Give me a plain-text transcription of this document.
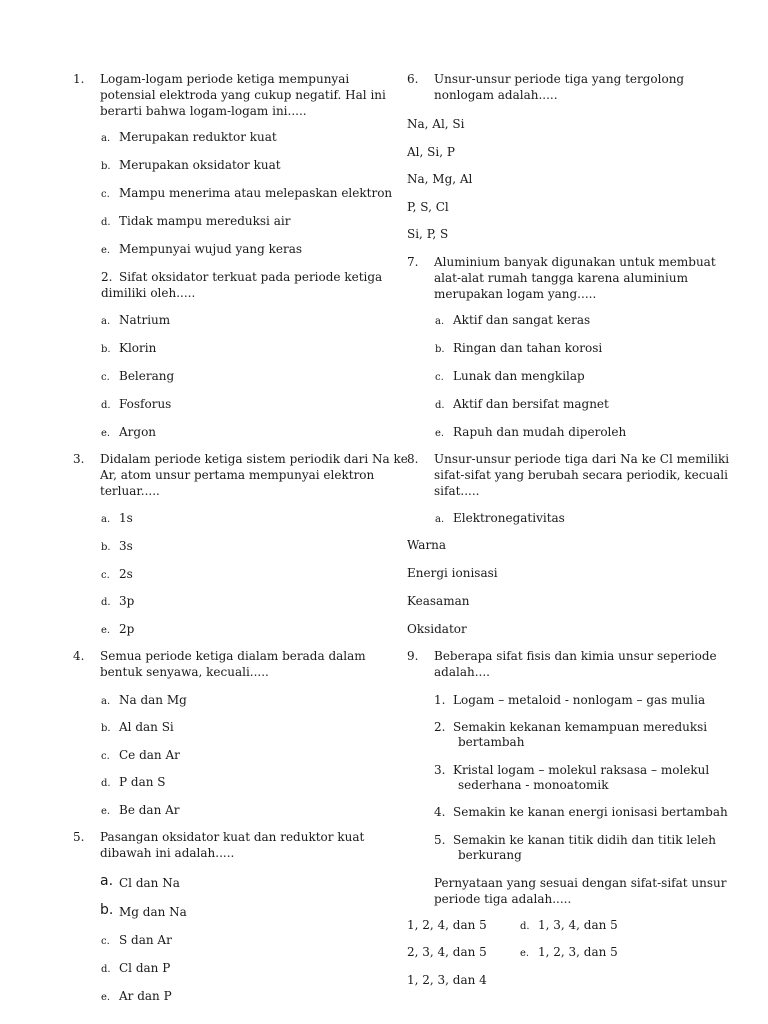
1. Logam-logam periode ketiga mempunyai
potensial elektroda yang cukup negatif. Hal ini
berarti bahwa logam-logam ini.....
a. Merupakan reduktor kuat
b. Merupakan oksidator kuat
c. Mampu menerima atau melepaskan elektron
d. Tidak mampu mereduksi air
e. Mempunyai wujud yang keras
2. Sifat oksidator terkuat pada periode ketiga
dimiliki oleh.....
a. Natrium
b. Klorin
c. Belerang
d. Fosforus
e. Argon
3. Didalam periode ketiga sistem periodik dari Na ke
Ar, atom unsur pertama mempunyai elektron
terluar.....
a. 1s
b. 3s
c. 2s
d. 3p
e. 2p
4. Semua periode ketiga dialam berada dalam
bentuk senyawa, kecuali.....
a. Na dan Mg
b. Al dan Si
c. Ce dan Ar
d. P dan S
e. Be dan Ar
5. Pasangan oksidator kuat dan reduktor kuat
dibawah ini adalah.....
a. Cl dan Na
b. Mg dan Na
c. S dan Ar
d. Cl dan P
e. Ar dan P
6. Unsur-unsur periode tiga yang tergolong
nonlogam adalah.....
Na, Al, Si
Al, Si, P
Na, Mg, Al
P, S, Cl
Si, P, S
7. Aluminium banyak digunakan untuk membuat
alat-alat rumah tangga karena aluminium
merupakan logam yang.....
a. Aktif dan sangat keras
b. Ringan dan tahan korosi
c. Lunak dan mengkilap
d. Aktif dan bersifat magnet
e. Rapuh dan mudah diperoleh
8. Unsur-unsur periode tiga dari Na ke Cl memiliki
sifat-sifat yang berubah secara periodik, kecuali
sifat.....
a. Elektronegativitas
Warna
Energi ionisasi
Keasaman
Oksidator
9. Beberapa sifat fisis dan kimia unsur seperiode
adalah....
1. Logam – metaloid - nonlogam – gas mulia
2. Semakin kekanan kemampuan mereduksi
bertambah
3. Kristal logam – molekul raksasa – molekul
sederhana - monoatomik
4. Semakin ke kanan energi ionisasi bertambah
5. Semakin ke kanan titik didih dan titik leleh
berkurang
Pernyataan yang sesuai dengan sifat-sifat unsur
periode tiga adalah.....
1, 2, 4, dan 5	d. 1, 3, 4, dan 5
2, 3, 4, dan 5	e. 1, 2, 3, dan 5
1, 2, 3, dan 4
